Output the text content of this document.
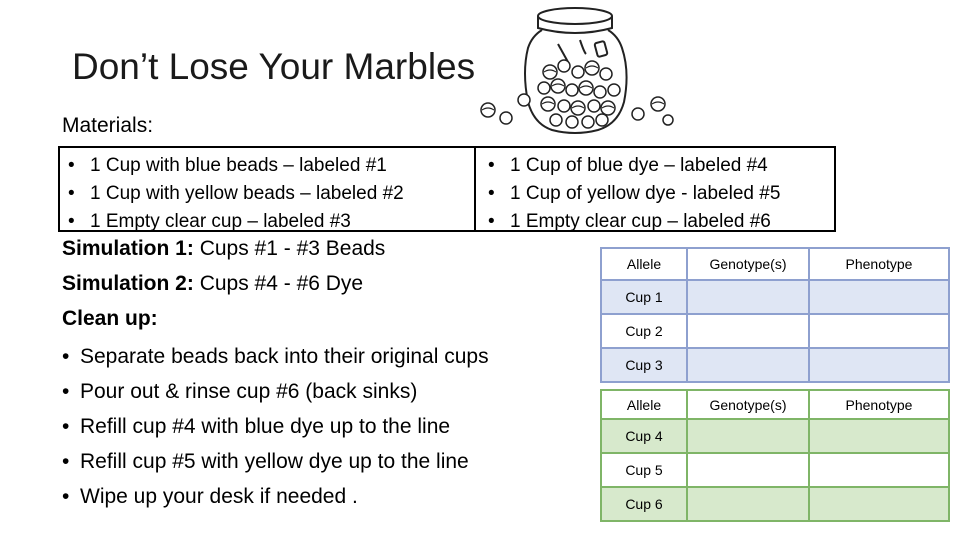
Don’t Lose Your Marbles
Materials:
• 1 Cup with blue beads – labeled #1
• 1 Cup with yellow beads – labeled #2
• 1 Empty clear cup – labeled #3
• 1 Cup of blue dye – labeled #4
• 1 Cup of yellow dye - labeled #5
• 1 Empty clear cup – labeled #6
Simulation 1: Cups #1 - #3 Beads
Simulation 2: Cups #4 - #6 Dye
Clean up:
• Separate beads back into their original cups
• Pour out & rinse cup #6 (back sinks)
• Refill cup #4 with blue dye up to the line
• Refill cup #5 with yellow dye up to the line
• Wipe up your desk if needed .
Allele	Genotype(s)	Phenotype
Cup 1		
Cup 2		
Cup 3		
Allele	Genotype(s)	Phenotype
Cup 4		
Cup 5		
Cup 6		
